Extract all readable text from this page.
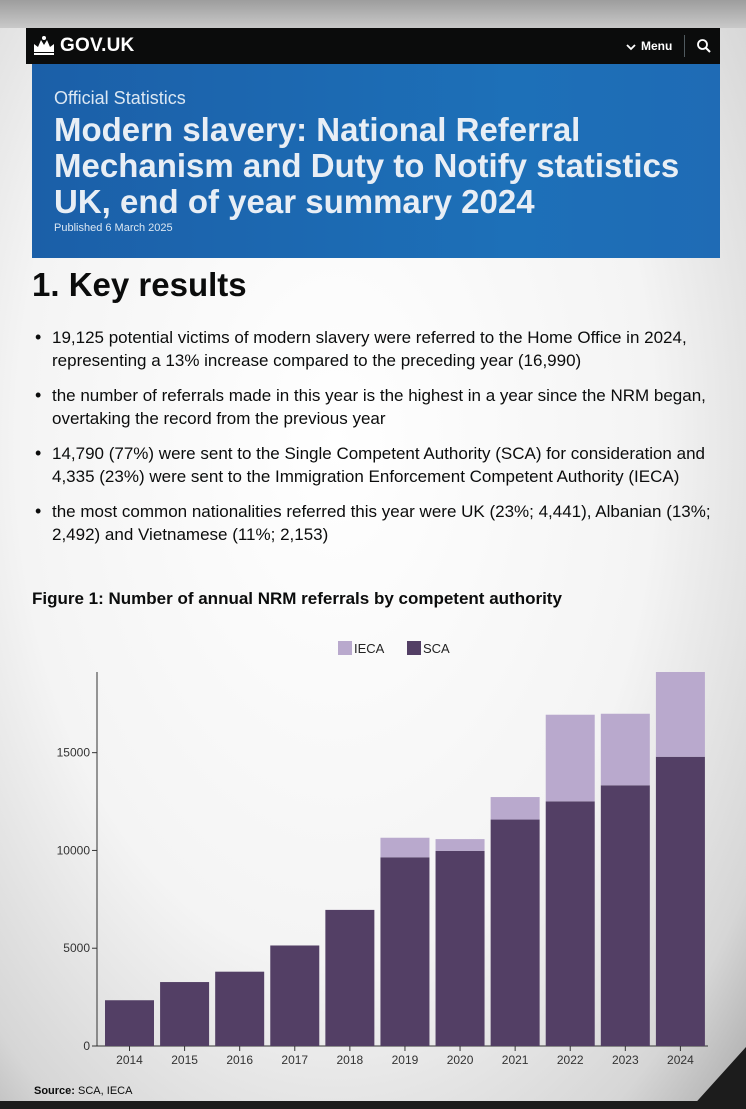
GOV.UK	Menu
Official Statistics
Modern slavery: National Referral Mechanism and Duty to Notify statistics UK, end of year summary 2024
Published 6 March 2025
1. Key results
• 19,125 potential victims of modern slavery were referred to the Home Office in 2024, representing a 13% increase compared to the preceding year (16,990)
• the number of referrals made in this year is the highest in a year since the NRM began, overtaking the record from the previous year
• 14,790 (77%) were sent to the Single Competent Authority (SCA) for consideration and 4,335 (23%) were sent to the Immigration Enforcement Competent Authority (IECA)
• the most common nationalities referred this year were UK (23%; 4,441), Albanian (13%; 2,492) and Vietnamese (11%; 2,153)
Figure 1: Number of annual NRM referrals by competent authority
0
5000
10000
15000
2014 2015 2016 2017 2018 2019 2020 2021 2022 2023 2024
IECA	SCA
Source: SCA, IECA
